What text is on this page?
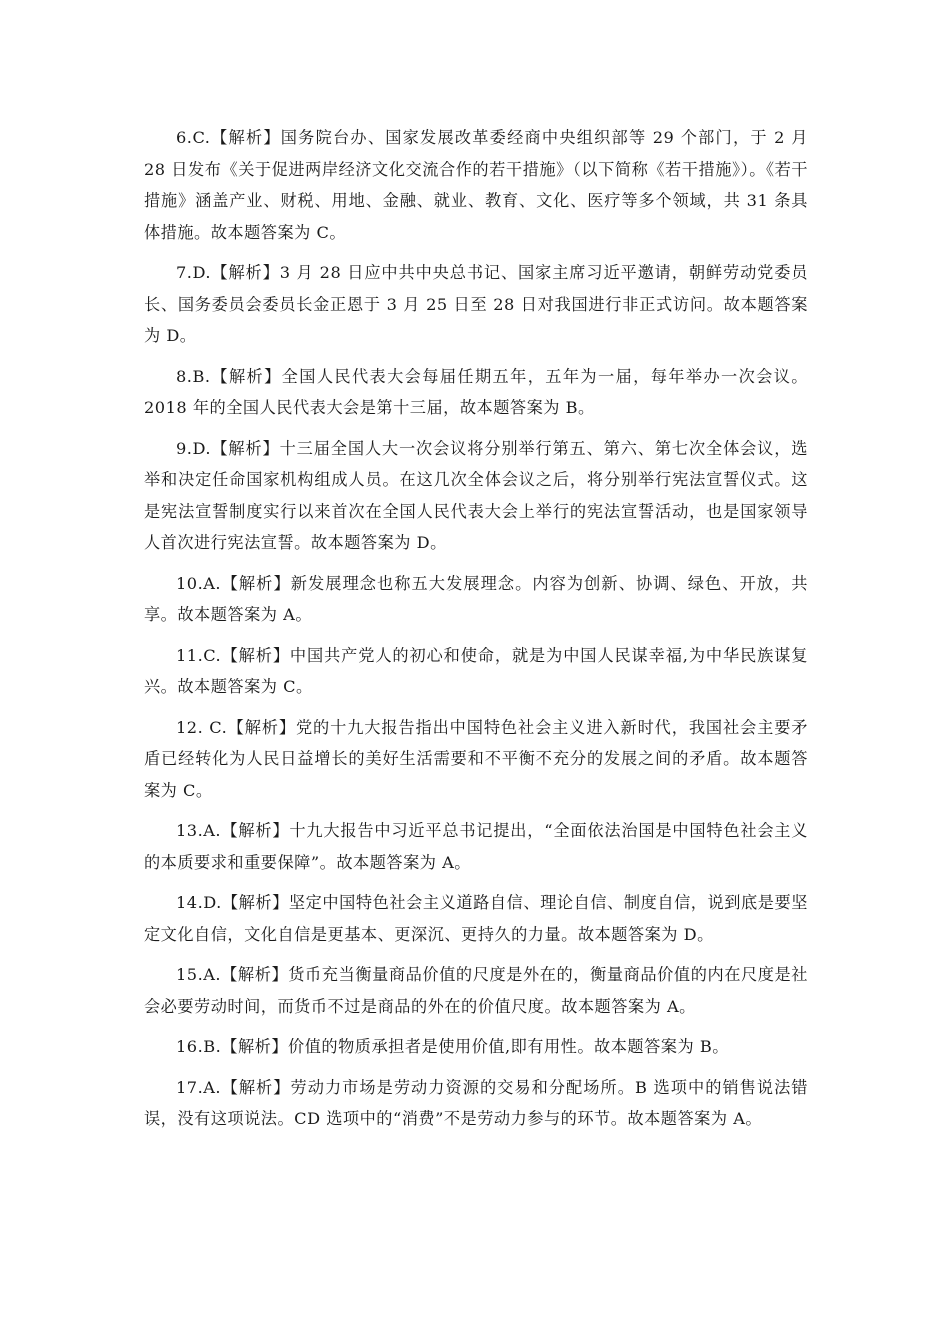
6.C.【解析】国务院台办、国家发展改革委经商中央组织部等 29 个部门，于 2 月 28 日发布《关于促进两岸经济文化交流合作的若干措施》（以下简称《若干措施》）。《若干措施》涵盖产业、财税、用地、金融、就业、教育、文化、医疗等多个领域，共 31 条具体措施。故本题答案为 C。

7.D.【解析】3 月 28 日应中共中央总书记、国家主席习近平邀请，朝鲜劳动党委员长、国务委员会委员长金正恩于 3 月 25 日至 28 日对我国进行非正式访问。故本题答案为 D。

8.B.【解析】全国人民代表大会每届任期五年，五年为一届，每年举办一次会议。2018 年的全国人民代表大会是第十三届，故本题答案为 B。

9.D.【解析】十三届全国人大一次会议将分别举行第五、第六、第七次全体会议，选举和决定任命国家机构组成人员。在这几次全体会议之后，将分别举行宪法宣誓仪式。这是宪法宣誓制度实行以来首次在全国人民代表大会上举行的宪法宣誓活动，也是国家领导人首次进行宪法宣誓。故本题答案为 D。

10.A.【解析】新发展理念也称五大发展理念。内容为创新、协调、绿色、开放，共享。故本题答案为 A。

11.C.【解析】中国共产党人的初心和使命，就是为中国人民谋幸福,为中华民族谋复兴。故本题答案为 C。

12. C.【解析】党的十九大报告指出中国特色社会主义进入新时代，我国社会主要矛盾已经转化为人民日益增长的美好生活需要和不平衡不充分的发展之间的矛盾。故本题答案为 C。

13.A.【解析】十九大报告中习近平总书记提出，“全面依法治国是中国特色社会主义的本质要求和重要保障”。故本题答案为 A。

14.D.【解析】坚定中国特色社会主义道路自信、理论自信、制度自信，说到底是要坚定文化自信，文化自信是更基本、更深沉、更持久的力量。故本题答案为 D。

15.A.【解析】货币充当衡量商品价值的尺度是外在的，衡量商品价值的内在尺度是社会必要劳动时间，而货币不过是商品的外在的价值尺度。故本题答案为 A。

16.B.【解析】价值的物质承担者是使用价值,即有用性。故本题答案为 B。

17.A.【解析】劳动力市场是劳动力资源的交易和分配场所。B 选项中的销售说法错误，没有这项说法。CD 选项中的“消费”不是劳动力参与的环节。故本题答案为 A。
